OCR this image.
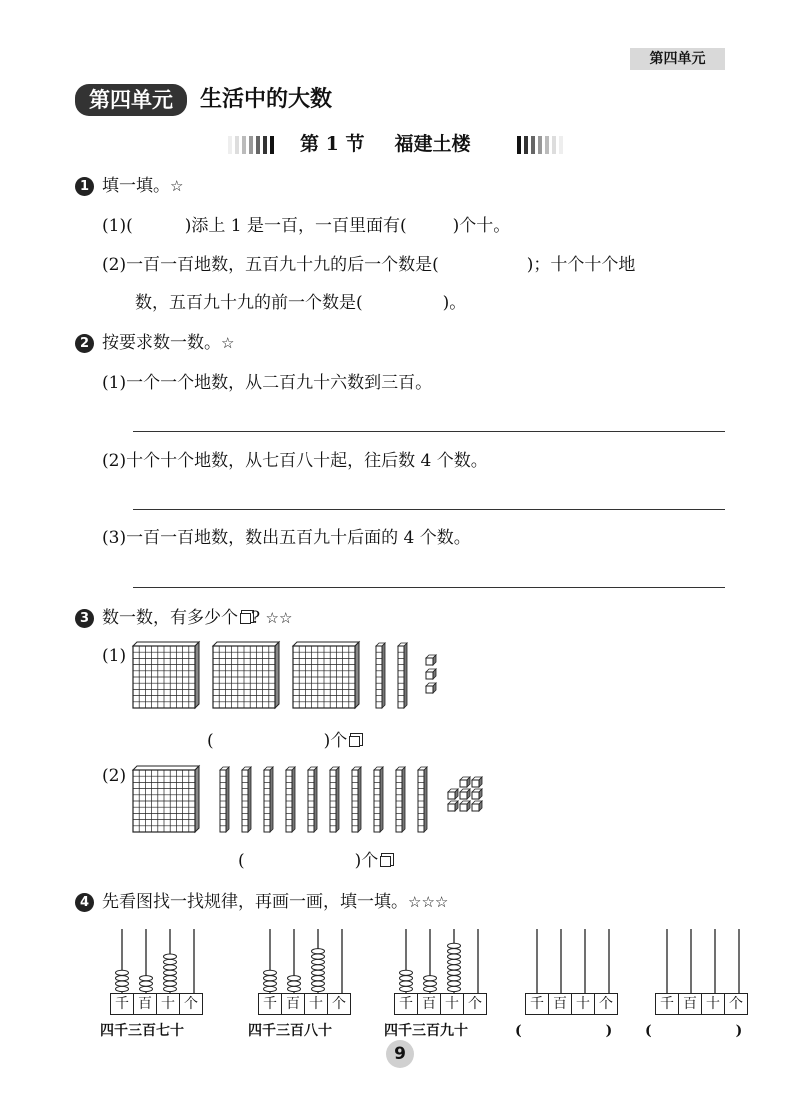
第四单元
第四单元	生活中的大数
第 1 节 福建土楼
1 填一填。☆
(1)(	)添上 1 是一百，一百里面有(	)个十。
(2)一百一百地数，五百九十九的后一个数是(	)；十个十个地
数，五百九十九的前一个数是(	)。
2 按要求数一数。☆
(1)一个一个地数，从二百九十六数到三百。
(2)十个十个地数，从七百八十起，往后数 4 个数。
(3)一百一百地数，数出五百九十后面的 4 个数。
3 数一数，有多少个 ? ☆☆
(1)
(	)个
(2)
(	)个
4 先看图找一找规律，再画一画，填一填。☆☆☆
千 百 十 个
四千三百七十
千 百 十 个
四千三百八十
千 百 十 个
四千三百九十
千 百 十 个
(　　　　　　)
千 百 十 个
(　　　　　　)
9
